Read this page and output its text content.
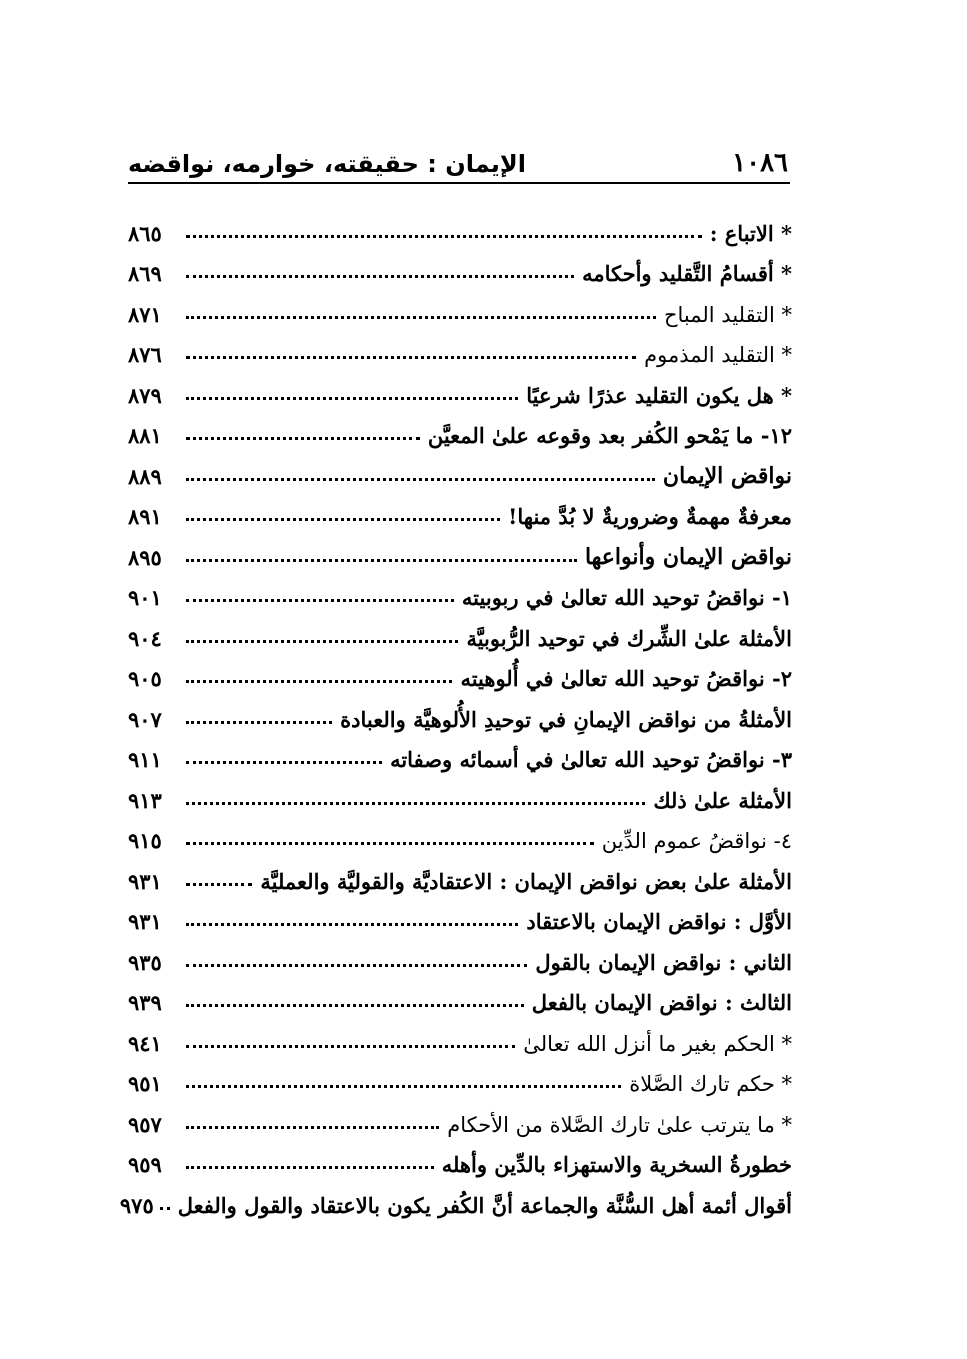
١٠٨٦
الإيمان : حقيقته، خوارمه، نواقضه
* الاتباع :
٨٦٥
* أقسامُ التَّقليد وأحكامه
٨٦٩
* التقليد المباح
٨٧١
* التقليد المذموم
٨٧٦
* هل يكون التقليد عذرًا شرعيًا
٨٧٩
١٢- ما يَمْحو الكُفر بعد وقوعه علىٰ المعيَّن
٨٨١
نواقض الإيمان
٨٨٩
معرفةٌ مهمةٌ وضروريةٌ لا بُدَّ منها!
٨٩١
نواقض الإيمان وأنواعها
٨٩٥
١- نواقضُ توحيد الله تعالىٰ في ربوبيته
٩٠١
الأمثلة علىٰ الشِّرك في توحيد الرُّبوبيَّة
٩٠٤
٢- نواقضُ توحيد الله تعالىٰ في أُلوهيته
٩٠٥
الأمثلةُ من نواقض الإيمانِ في توحيدِ الأُلوهيَّة والعبادة
٩٠٧
٣- نواقضُ توحيد الله تعالىٰ في أسمائه وصفاته
٩١١
الأمثلة علىٰ ذلك
٩١٣
٤- نواقضُ عموم الدِّين
٩١٥
الأمثلة علىٰ بعض نواقض الإيمان : الاعتقاديَّة والقوليَّة والعمليَّة
٩٣١
الأوَّل : نواقض الإيمان بالاعتقاد
٩٣١
الثاني : نواقض الإيمان بالقول
٩٣٥
الثالث : نواقض الإيمان بالفعل
٩٣٩
* الحكم بغير ما أنزل الله تعالىٰ
٩٤١
* حكم تارك الصَّلاة
٩٥١
* ما يترتب علىٰ تارك الصَّلاة من الأحكام
٩٥٧
خطورةُ السخرية والاستهزاء بالدِّين وأهله
٩٥٩
أقوال أئمة أهل السُّنَّة والجماعة أنَّ الكُفر يكون بالاعتقاد والقول والفعل
٩٧٥
